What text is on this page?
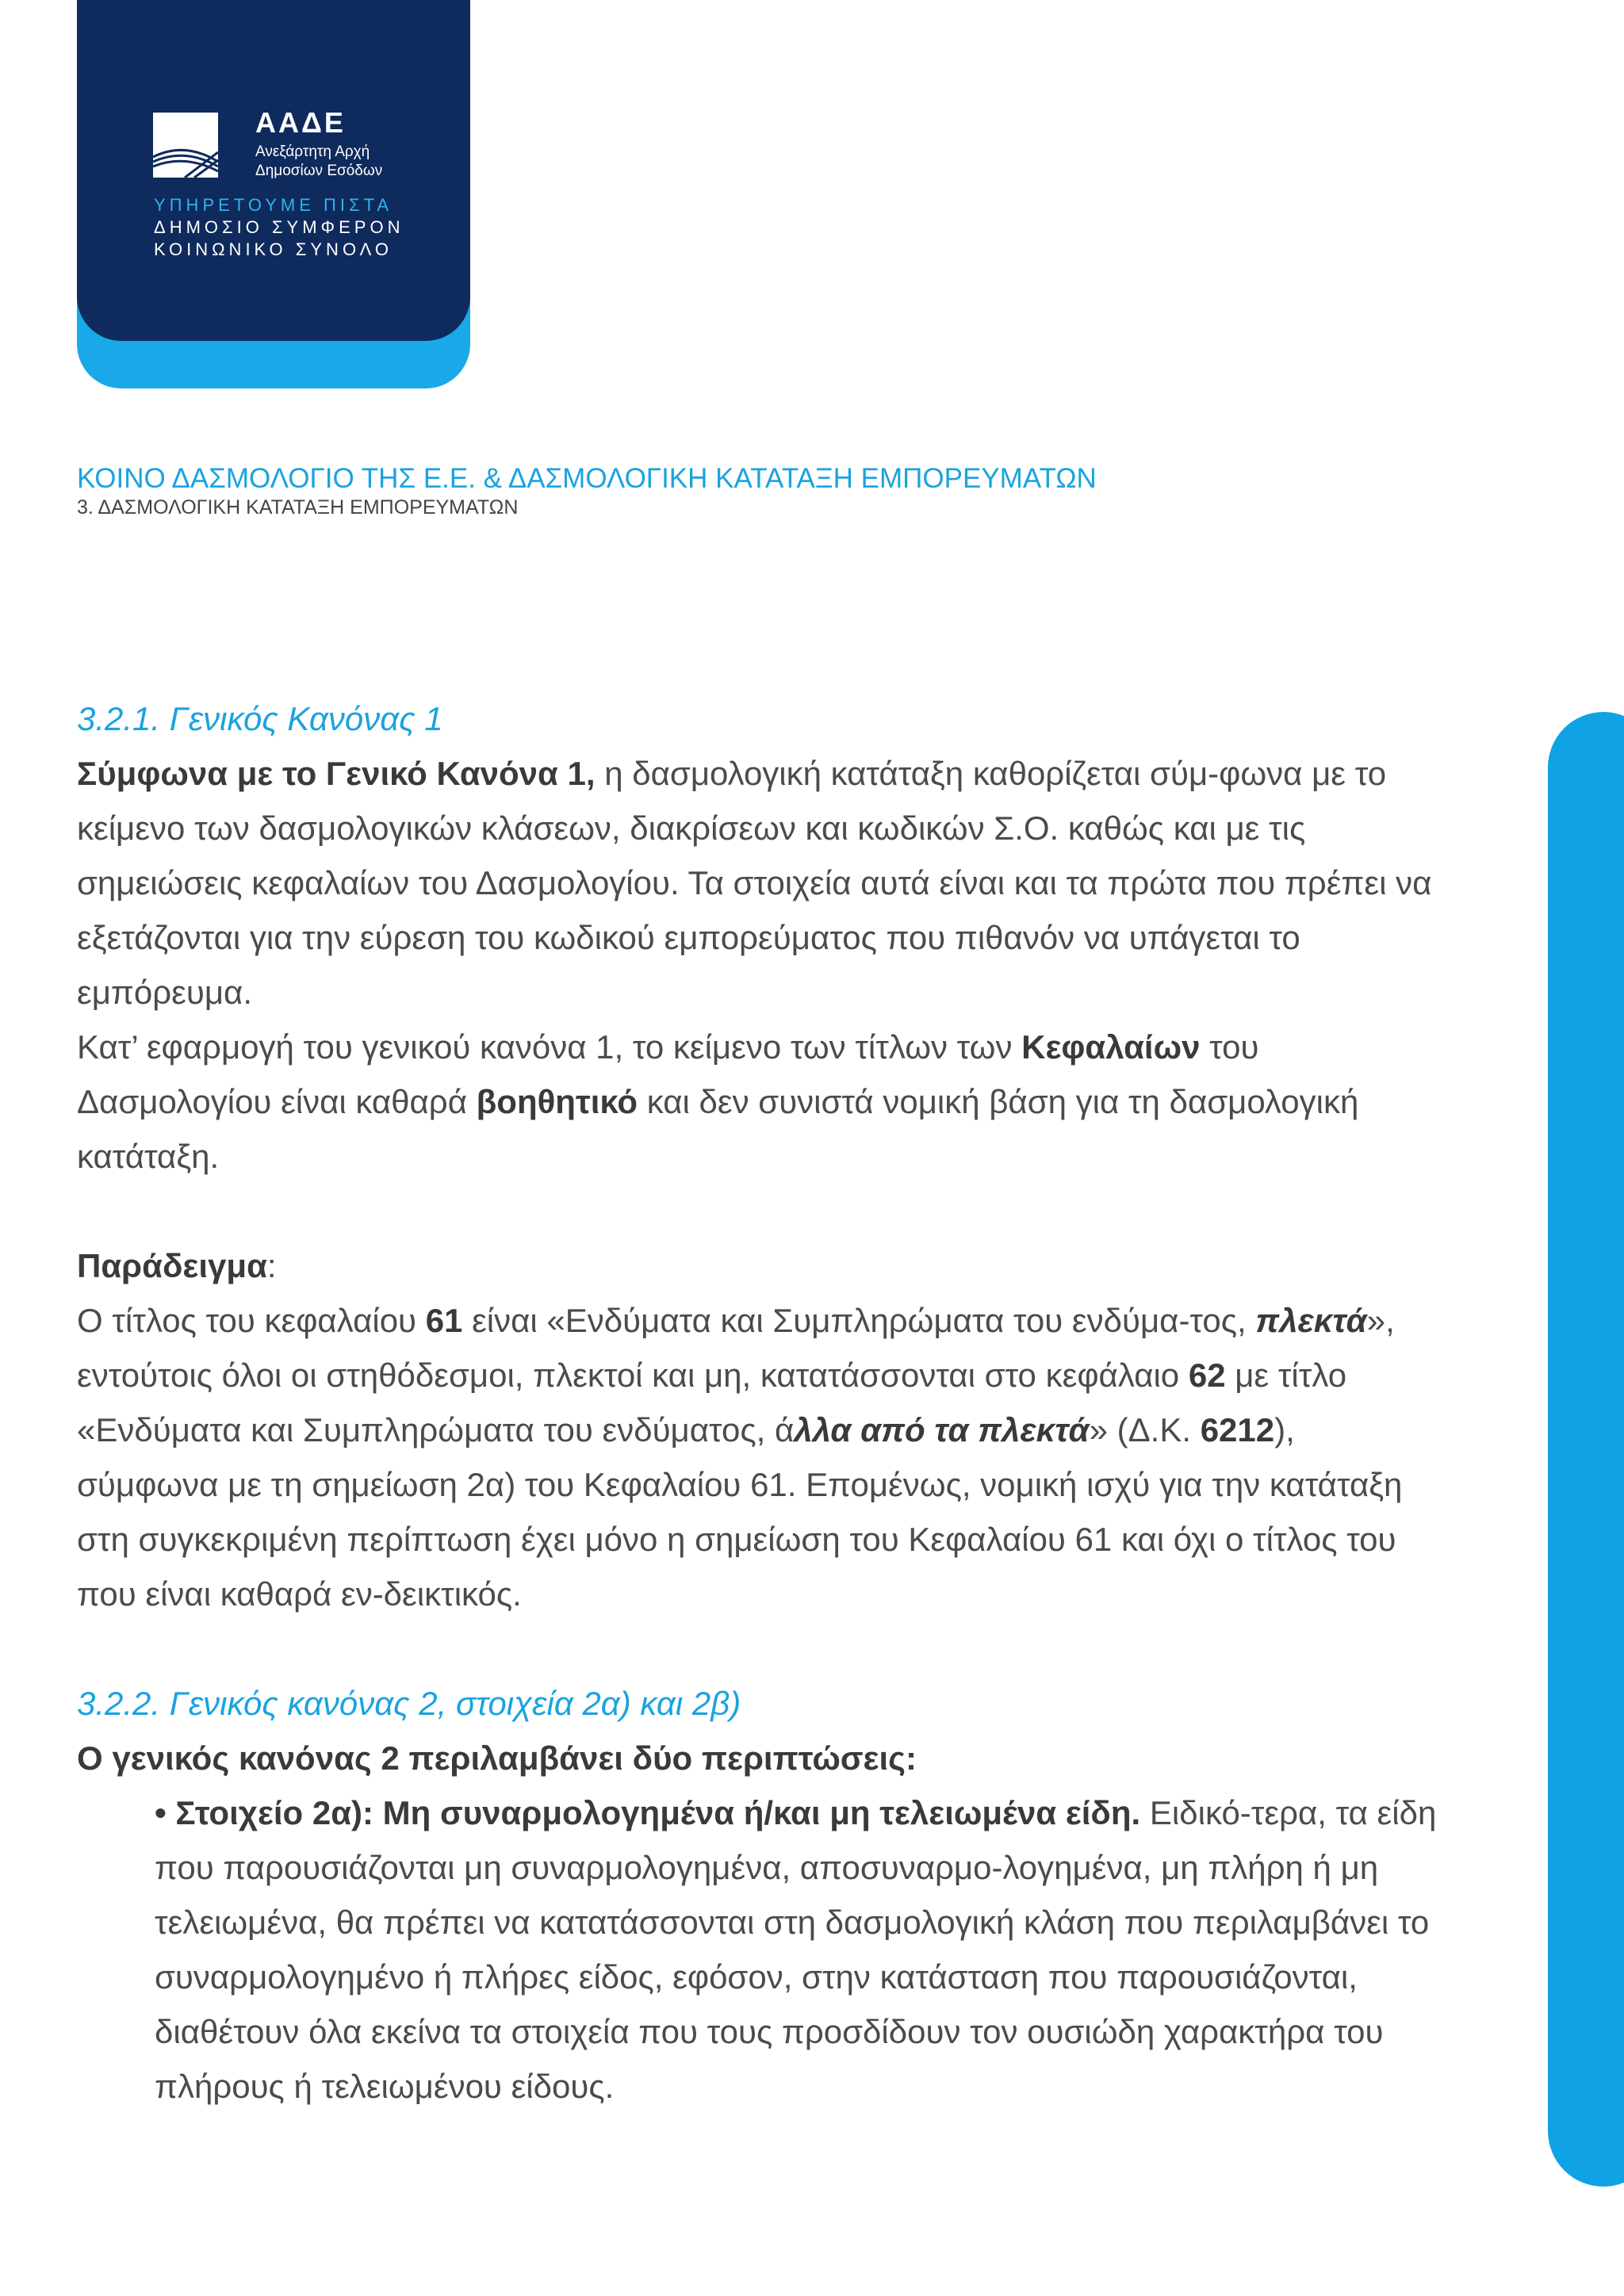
ΑΑΔΕ
Ανεξάρτητη Αρχή
Δημοσίων Εσόδων
ΥΠΗΡΕΤΟΥΜΕ ΠΙΣΤΑ
ΔΗΜΟΣΙΟ ΣΥΜΦΕΡΟΝ
ΚΟΙΝΩΝΙΚΟ ΣΥΝΟΛΟ
ΚΟΙΝΟ ΔΑΣΜΟΛΟΓΙΟ ΤΗΣ Ε.Ε. & ΔΑΣΜΟΛΟΓΙΚΗ ΚΑΤΑΤΑΞΗ ΕΜΠΟΡΕΥΜΑΤΩΝ
3. ΔΑΣΜΟΛΟΓΙΚΗ ΚΑΤΑΤΑΞΗ ΕΜΠΟΡΕΥΜΑΤΩΝ

3.2.1. Γενικός Κανόνας 1

Σύμφωνα με το Γενικό Κανόνα 1, η δασμολογική κατάταξη καθορίζεται σύμ-φωνα με το κείμενο των δασμολογικών κλάσεων, διακρίσεων και κωδικών Σ.Ο. καθώς και με τις σημειώσεις κεφαλαίων του Δασμολογίου. Τα στοιχεία αυτά είναι και τα πρώτα που πρέπει να εξετάζονται για την εύρεση του κωδικού εμπορεύματος που πιθανόν να υπάγεται το εμπόρευμα.

Κατ’ εφαρμογή του γενικού κανόνα 1, το κείμενο των τίτλων των Κεφαλαίων του Δασμολογίου είναι καθαρά βοηθητικό και δεν συνιστά νομική βάση για τη δασμολογική κατάταξη.

Παράδειγμα:

Ο τίτλος του κεφαλαίου 61 είναι «Ενδύματα και Συμπληρώματα του ενδύμα-τος, πλεκτά», εντούτοις όλοι οι στηθόδεσμοι, πλεκτοί και μη, κατατάσσονται στο κεφάλαιο 62 με τίτλο «Ενδύματα και Συμπληρώματα του ενδύματος, άλλα από τα πλεκτά» (Δ.Κ. 6212), σύμφωνα με τη σημείωση 2α) του Κεφαλαίου 61. Επομένως, νομική ισχύ για την κατάταξη στη συγκεκριμένη περίπτωση έχει μόνο η σημείωση του Κεφαλαίου 61 και όχι ο τίτλος του που είναι καθαρά εν-δεικτικός.

3.2.2. Γενικός κανόνας 2, στοιχεία 2α) και 2β)

Ο γενικός κανόνας 2 περιλαμβάνει δύο περιπτώσεις:

• Στοιχείο 2α): Μη συναρμολογημένα ή/και μη τελειωμένα είδη. Ειδικό-τερα, τα είδη που παρουσιάζονται μη συναρμολογημένα, αποσυναρμο-λογημένα, μη πλήρη ή μη τελειωμένα, θα πρέπει να κατατάσσονται στη δασμολογική κλάση που περιλαμβάνει το συναρμολογημένο ή πλήρες είδος, εφόσον, στην κατάσταση που παρουσιάζονται, διαθέτουν όλα εκείνα τα στοιχεία που τους προσδίδουν τον ουσιώδη χαρακτήρα του πλήρους ή τελειωμένου είδους.
